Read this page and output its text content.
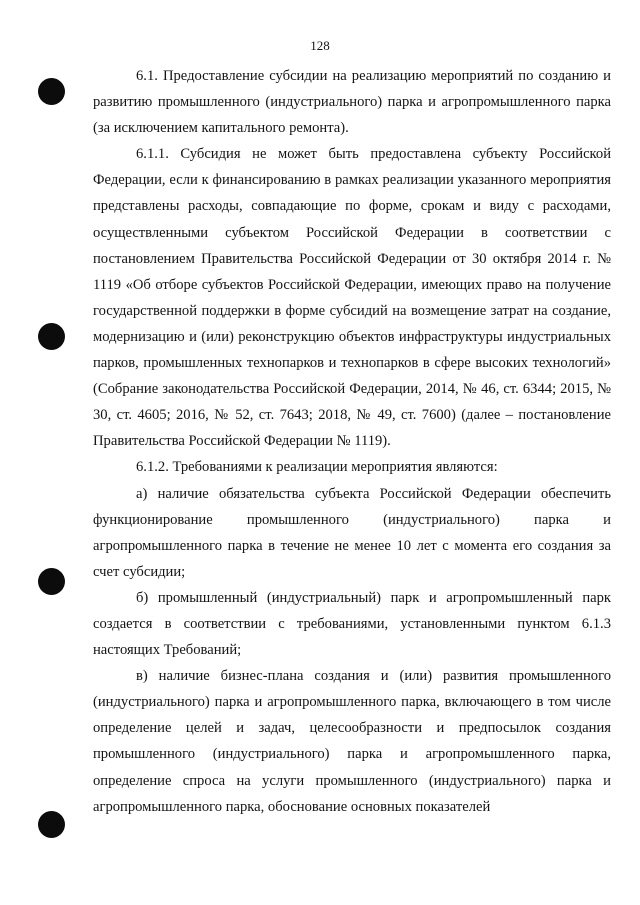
128

6.1. Предоставление субсидии на реализацию мероприятий по созданию и развитию промышленного (индустриального) парка и агропромышленного парка (за исключением капитального ремонта).

6.1.1. Субсидия не может быть предоставлена субъекту Российской Федерации, если к финансированию в рамках реализации указанного мероприятия представлены расходы, совпадающие по форме, срокам и виду с расходами, осуществленными субъектом Российской Федерации в соответствии с постановлением Правительства Российской Федерации от 30 октября 2014 г. № 1119 «Об отборе субъектов Российской Федерации, имеющих право на получение государственной поддержки в форме субсидий на возмещение затрат на создание, модернизацию и (или) реконструкцию объектов инфраструктуры индустриальных парков, промышленных технопарков и технопарков в сфере высоких технологий» (Собрание законодательства Российской Федерации, 2014, № 46, ст. 6344; 2015, № 30, ст. 4605; 2016, № 52, ст. 7643; 2018, № 49, ст. 7600) (далее – постановление Правительства Российской Федерации № 1119).

6.1.2. Требованиями к реализации мероприятия являются:

а) наличие обязательства субъекта Российской Федерации обеспечить функционирование промышленного (индустриального) парка и агропромышленного парка в течение не менее 10 лет с момента его создания за счет субсидии;

б) промышленный (индустриальный) парк и агропромышленный парк создается в соответствии с требованиями, установленными пунктом 6.1.3 настоящих Требований;

в) наличие бизнес-плана создания и (или) развития промышленного (индустриального) парка и агропромышленного парка, включающего в том числе определение целей и задач, целесообразности и предпосылок создания промышленного (индустриального) парка и агропромышленного парка, определение спроса на услуги промышленного (индустриального) парка и агропромышленного парка, обоснование основных показателей
